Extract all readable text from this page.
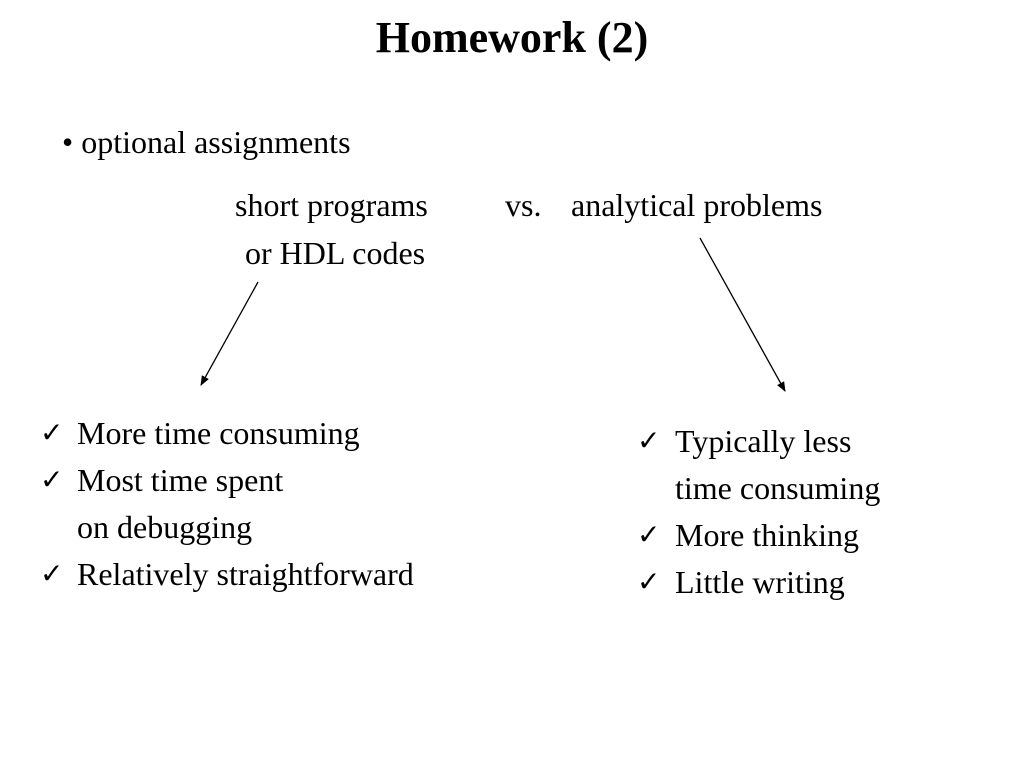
Homework (2)
• optional assignments
short programs vs. analytical problems
or HDL codes
✓ More time consuming
✓ Most time spent
on debugging
✓ Relatively straightforward
✓ Typically less
time consuming
✓ More thinking
✓ Little writing
